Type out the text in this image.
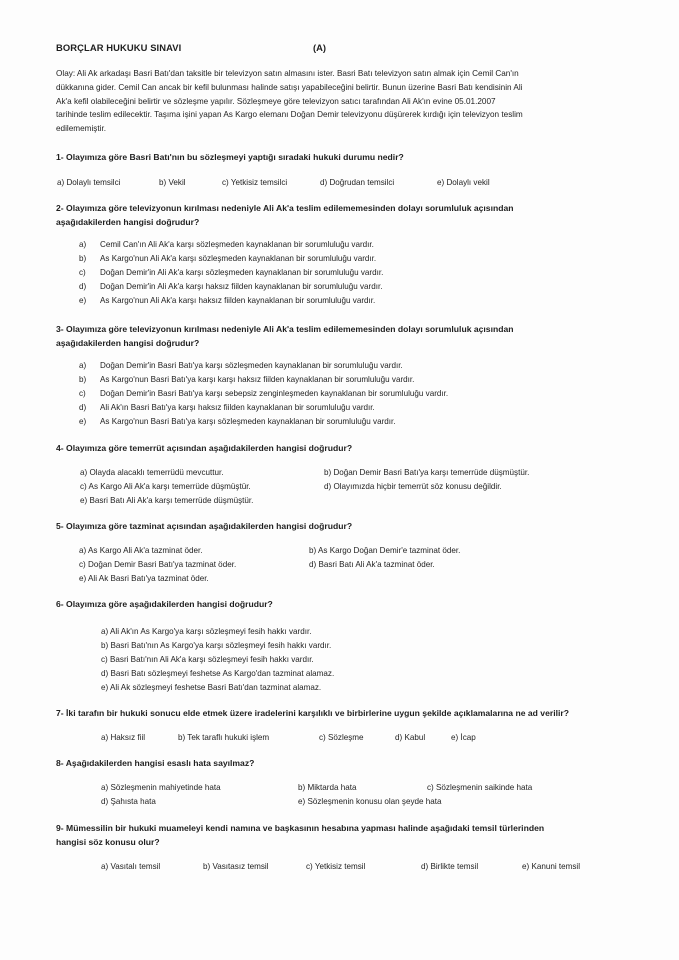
BORÇLAR HUKUKU SINAVI	(A)
Olay: Ali Ak arkadaşı Basri Batı'dan taksitle bir televizyon satın almasını ister. Basri Batı televizyon satın almak için Cemil Can'ın
dükkanına gider. Cemil Can ancak bir kefil bulunması halinde satışı yapabileceğini belirtir. Bunun üzerine Basri Batı kendisinin Ali
Ak'a kefil olabileceğini belirtir ve sözleşme yapılır. Sözleşmeye göre televizyon satıcı tarafından Ali Ak'ın evine 05.01.2007
tarihinde teslim edilecektir. Taşıma işini yapan As Kargo elemanı Doğan Demir televizyonu düşürerek kırdığı için televizyon teslim
edilememiştir.
1- Olayımıza göre Basri Batı'nın bu sözleşmeyi yaptığı sıradaki hukuki durumu nedir?
a) Dolaylı temsilci	b) Vekil	c) Yetkisiz temsilci	d) Doğrudan temsilci	e) Dolaylı vekil
2- Olayımıza göre televizyonun kırılması nedeniyle Ali Ak'a teslim edilememesinden dolayı sorumluluk açısından
aşağıdakilerden hangisi doğrudur?
a)	Cemil Can'ın Ali Ak'a karşı sözleşmeden kaynaklanan bir sorumluluğu vardır.
b)	As Kargo'nun Ali Ak'a karşı sözleşmeden kaynaklanan bir sorumluluğu vardır.
c)	Doğan Demir'in Ali Ak'a karşı sözleşmeden kaynaklanan bir sorumluluğu vardır.
d)	Doğan Demir'in Ali Ak'a karşı haksız fiilden kaynaklanan bir sorumluluğu vardır.
e)	As Kargo'nun Ali Ak'a karşı haksız fiilden kaynaklanan bir sorumluluğu vardır.
3- Olayımıza göre televizyonun kırılması nedeniyle Ali Ak'a teslim edilememesinden dolayı sorumluluk açısından
aşağıdakilerden hangisi doğrudur?
a)	Doğan Demir'in Basri Batı'ya karşı sözleşmeden kaynaklanan bir sorumluluğu vardır.
b)	As Kargo'nun Basri Batı'ya karşı karşı haksız fiilden kaynaklanan bir sorumluluğu vardır.
c)	Doğan Demir'in Basri Batı'ya karşı sebepsiz zenginleşmeden kaynaklanan bir sorumluluğu vardır.
d)	Ali Ak'ın Basri Batı'ya karşı haksız fiilden kaynaklanan bir sorumluluğu vardır.
e)	As Kargo'nun Basri Batı'ya karşı sözleşmeden kaynaklanan bir sorumluluğu vardır.
4- Olayımıza göre temerrüt açısından aşağıdakilerden hangisi doğrudur?
a) Olayda alacaklı temerrüdü mevcuttur.	b) Doğan Demir Basri Batı'ya karşı temerrüde düşmüştür.
c) As Kargo Ali Ak'a karşı temerrüde düşmüştür.	d) Olayımızda hiçbir temerrüt söz konusu değildir.
e) Basri Batı Ali Ak'a karşı temerrüde düşmüştür.
5- Olayımıza göre tazminat açısından aşağıdakilerden hangisi doğrudur?
a) As Kargo Ali Ak'a tazminat öder.	b) As Kargo Doğan Demir'e tazminat öder.
c) Doğan Demir Basri Batı'ya tazminat öder.	d) Basri Batı Ali Ak'a tazminat öder.
e) Ali Ak Basri Batı'ya tazminat öder.
6- Olayımıza göre aşağıdakilerden hangisi doğrudur?
a) Ali Ak'ın As Kargo'ya karşı sözleşmeyi fesih hakkı vardır.
b) Basri Batı'nın As Kargo'ya karşı sözleşmeyi fesih hakkı vardır.
c) Basri Batı'nın Ali Ak'a karşı sözleşmeyi fesih hakkı vardır.
d) Basri Batı sözleşmeyi feshetse As Kargo'dan tazminat alamaz.
e) Ali Ak sözleşmeyi feshetse Basri Batı'dan tazminat alamaz.
7- İki tarafın bir hukuki sonucu elde etmek üzere iradelerini karşılıklı ve birbirlerine uygun şekilde açıklamalarına ne ad verilir?
a) Haksız fiil	b) Tek taraflı hukuki işlem	c) Sözleşme	d) Kabul	e) İcap
8- Aşağıdakilerden hangisi esaslı hata sayılmaz?
a) Sözleşmenin mahiyetinde hata	b) Miktarda hata	c) Sözleşmenin saikinde hata
d) Şahısta hata	e) Sözleşmenin konusu olan şeyde hata
9- Mümessilin bir hukuki muameleyi kendi namına ve başkasının hesabına yapması halinde aşağıdaki temsil türlerinden
hangisi söz konusu olur?
a) Vasıtalı temsil	b) Vasıtasız temsil	c) Yetkisiz temsil	d) Birlikte temsil	e) Kanuni temsil
